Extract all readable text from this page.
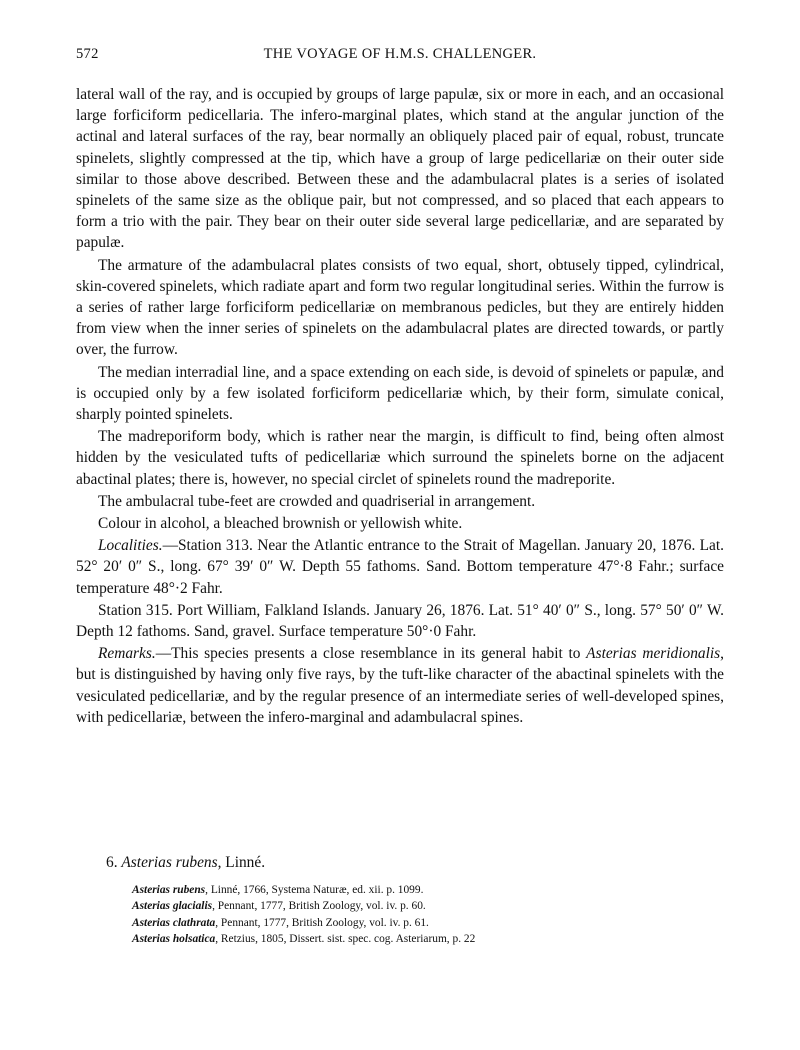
572	THE VOYAGE OF H.M.S. CHALLENGER.

lateral wall of the ray, and is occupied by groups of large papulæ, six or more in each, and an occasional large forficiform pedicellaria. The infero-marginal plates, which stand at the angular junction of the actinal and lateral surfaces of the ray, bear normally an obliquely placed pair of equal, robust, truncate spinelets, slightly compressed at the tip, which have a group of large pedicellariæ on their outer side similar to those above described. Between these and the adambulacral plates is a series of isolated spinelets of the same size as the oblique pair, but not compressed, and so placed that each appears to form a trio with the pair. They bear on their outer side several large pedicellariæ, and are separated by papulæ.

The armature of the adambulacral plates consists of two equal, short, obtusely tipped, cylindrical, skin-covered spinelets, which radiate apart and form two regular longitudinal series. Within the furrow is a series of rather large forficiform pedicellariæ on membranous pedicles, but they are entirely hidden from view when the inner series of spinelets on the adambulacral plates are directed towards, or partly over, the furrow.

The median interradial line, and a space extending on each side, is devoid of spinelets or papulæ, and is occupied only by a few isolated forficiform pedicellariæ which, by their form, simulate conical, sharply pointed spinelets.

The madreporiform body, which is rather near the margin, is difficult to find, being often almost hidden by the vesiculated tufts of pedicellariæ which surround the spinelets borne on the adjacent abactinal plates; there is, however, no special circlet of spinelets round the madreporite.

The ambulacral tube-feet are crowded and quadriserial in arrangement.

Colour in alcohol, a bleached brownish or yellowish white.

Localities.—Station 313. Near the Atlantic entrance to the Strait of Magellan. January 20, 1876. Lat. 52° 20′ 0″ S., long. 67° 39′ 0″ W. Depth 55 fathoms. Sand. Bottom temperature 47°·8 Fahr.; surface temperature 48°·2 Fahr.

Station 315. Port William, Falkland Islands. January 26, 1876. Lat. 51° 40′ 0″ S., long. 57° 50′ 0″ W. Depth 12 fathoms. Sand, gravel. Surface temperature 50°·0 Fahr.

Remarks.—This species presents a close resemblance in its general habit to Asterias meridionalis, but is distinguished by having only five rays, by the tuft-like character of the abactinal spinelets with the vesiculated pedicellariæ, and by the regular presence of an intermediate series of well-developed spines, with pedicellariæ, between the infero-marginal and adambulacral spines.

6. Asterias rubens, Linné.
Asterias rubens, Linné, 1766, Systema Naturæ, ed. xii. p. 1099.
Asterias glacialis, Pennant, 1777, British Zoology, vol. iv. p. 60.
Asterias clathrata, Pennant, 1777, British Zoology, vol. iv. p. 61.
Asterias holsatica, Retzius, 1805, Dissert. sist. spec. cog. Asteriarum, p. 22
